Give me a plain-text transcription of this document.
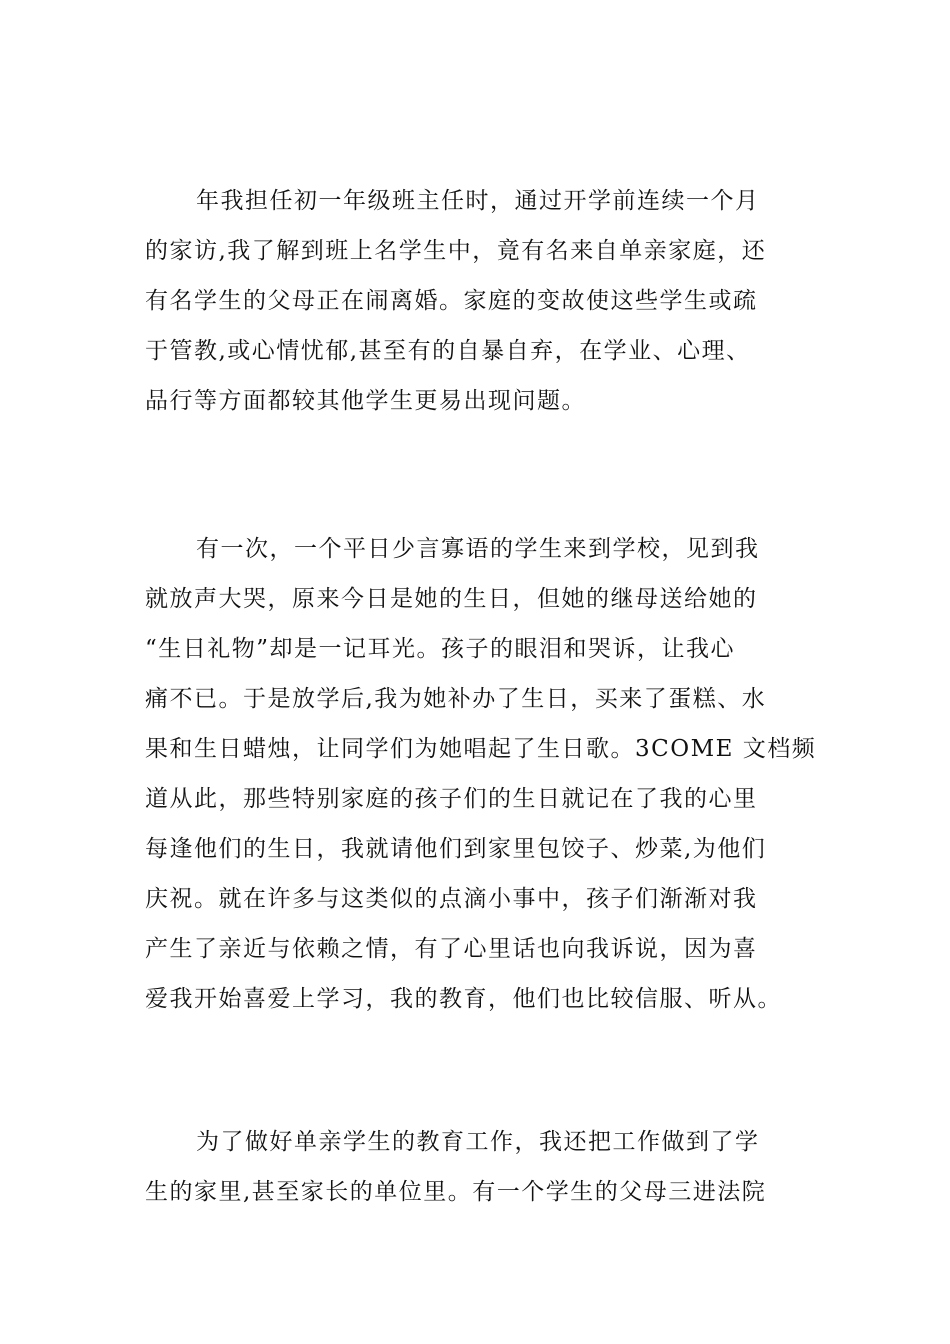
年我担任初一年级班主任时，通过开学前连续一个月
的家访,我了解到班上名学生中，竟有名来自单亲家庭，还
有名学生的父母正在闹离婚。家庭的变故使这些学生或疏
于管教,或心情忧郁,甚至有的自暴自弃，在学业、心理、
品行等方面都较其他学生更易出现问题。
有一次，一个平日少言寡语的学生来到学校，见到我
就放声大哭，原来今日是她的生日，但她的继母送给她的
“生日礼物”却是一记耳光。孩子的眼泪和哭诉，让我心
痛不已。于是放学后,我为她补办了生日，买来了蛋糕、水
果和生日蜡烛，让同学们为她唱起了生日歌。3COME 文档频
道从此，那些特别家庭的孩子们的生日就记在了我的心里
每逢他们的生日，我就请他们到家里包饺子、炒菜,为他们
庆祝。就在许多与这类似的点滴小事中，孩子们渐渐对我
产生了亲近与依赖之情，有了心里话也向我诉说，因为喜
爱我开始喜爱上学习，我的教育，他们也比较信服、听从。
为了做好单亲学生的教育工作，我还把工作做到了学
生的家里,甚至家长的单位里。有一个学生的父母三进法院
